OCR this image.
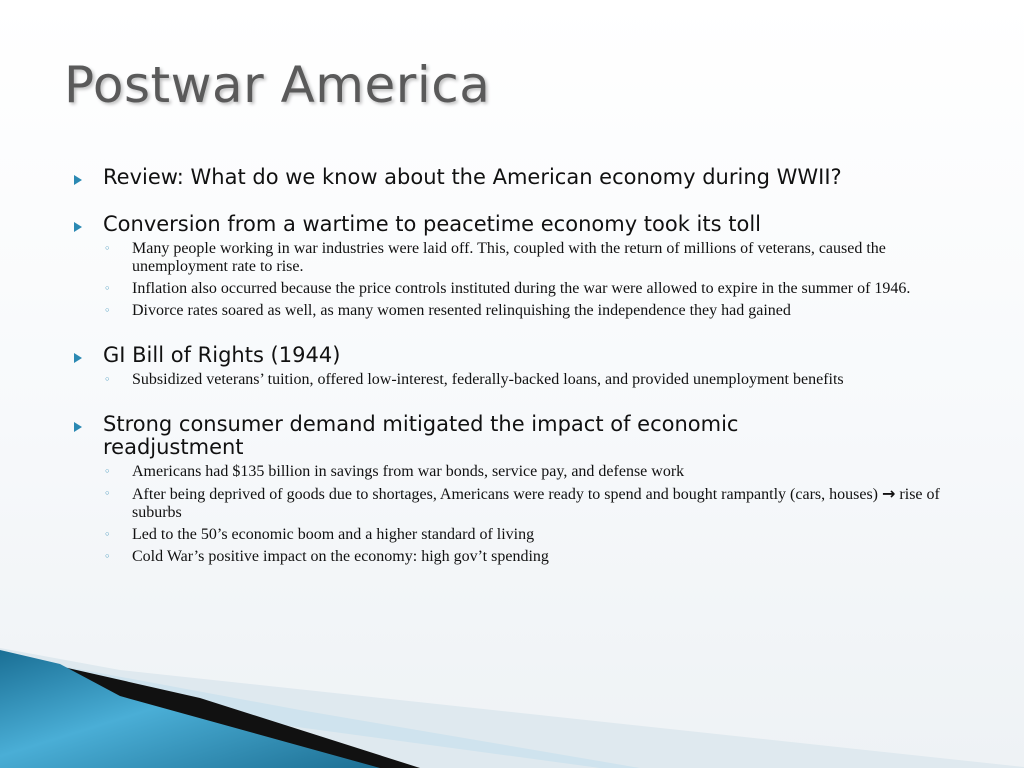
Postwar America
Review: What do we know about the American economy during WWII?
Conversion from a wartime to peacetime economy took its toll
◦	Many people working in war industries were laid off. This, coupled with the return of millions of veterans, caused the unemployment rate to rise.
◦	Inflation also occurred because the price controls instituted during the war were allowed to expire in the summer of 1946.
◦	Divorce rates soared as well, as many women resented relinquishing the independence they had gained
GI Bill of Rights (1944)
◦	Subsidized veterans’ tuition, offered low-interest, federally-backed loans, and provided unemployment benefits
Strong consumer demand mitigated the impact of economic readjustment
◦	Americans had $135 billion in savings from war bonds, service pay, and defense work
◦	After being deprived of goods due to shortages, Americans were ready to spend and bought rampantly (cars, houses) → rise of suburbs
◦	Led to the 50’s economic boom and a higher standard of living
◦	Cold War’s positive impact on the economy: high gov’t spending
